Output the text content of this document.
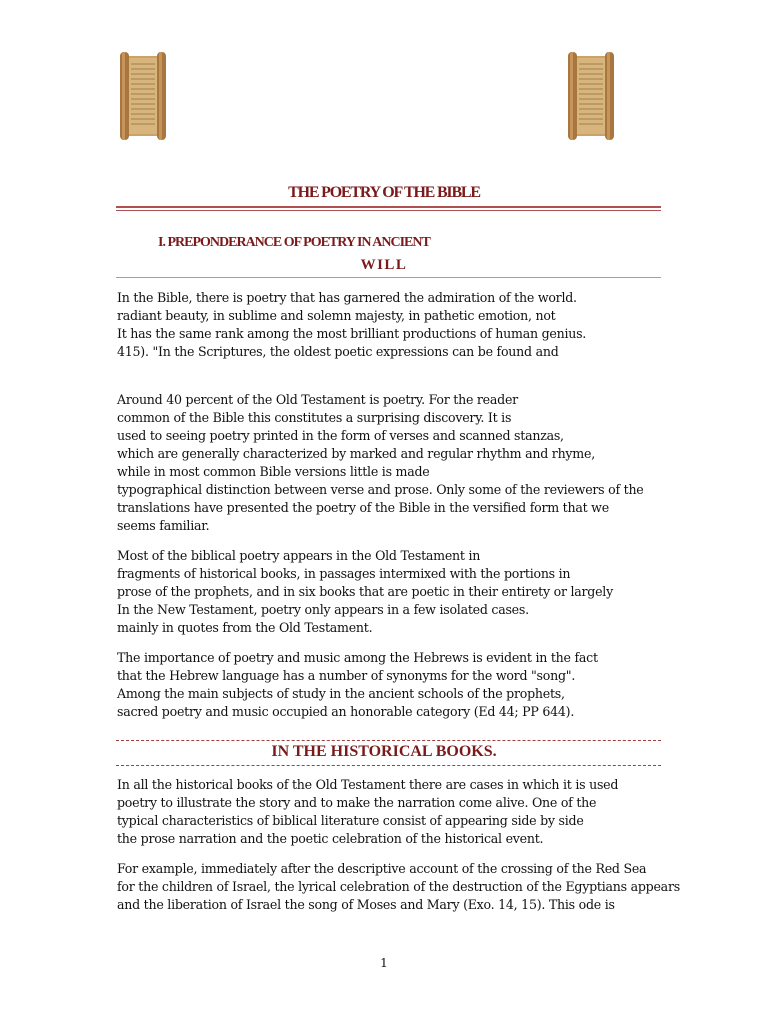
THE POETRY OF THE BIBLE
I. PREPONDERANCE OF POETRY IN ANCIENT
WILL
In the Bible, there is poetry that has garnered the admiration of the world.
radiant beauty, in sublime and solemn majesty, in pathetic emotion, not
It has the same rank among the most brilliant productions of human genius.
415). "In the Scriptures, the oldest poetic expressions can be found and
Around 40 percent of the Old Testament is poetry. For the reader
common of the Bible this constitutes a surprising discovery. It is
used to seeing poetry printed in the form of verses and scanned stanzas,
which are generally characterized by marked and regular rhythm and rhyme,
while in most common Bible versions little is made
typographical distinction between verse and prose. Only some of the reviewers of the
translations have presented the poetry of the Bible in the versified form that we
seems familiar.
Most of the biblical poetry appears in the Old Testament in
fragments of historical books, in passages intermixed with the portions in
prose of the prophets, and in six books that are poetic in their entirety or largely
In the New Testament, poetry only appears in a few isolated cases.
mainly in quotes from the Old Testament.
The importance of poetry and music among the Hebrews is evident in the fact
that the Hebrew language has a number of synonyms for the word "song".
Among the main subjects of study in the ancient schools of the prophets,
sacred poetry and music occupied an honorable category (Ed 44; PP 644).
IN THE HISTORICAL BOOKS.
In all the historical books of the Old Testament there are cases in which it is used
poetry to illustrate the story and to make the narration come alive. One of the
typical characteristics of biblical literature consist of appearing side by side
the prose narration and the poetic celebration of the historical event.
For example, immediately after the descriptive account of the crossing of the Red Sea
for the children of Israel, the lyrical celebration of the destruction of the Egyptians appears
and the liberation of Israel the song of Moses and Mary (Exo. 14, 15). This ode is
1
